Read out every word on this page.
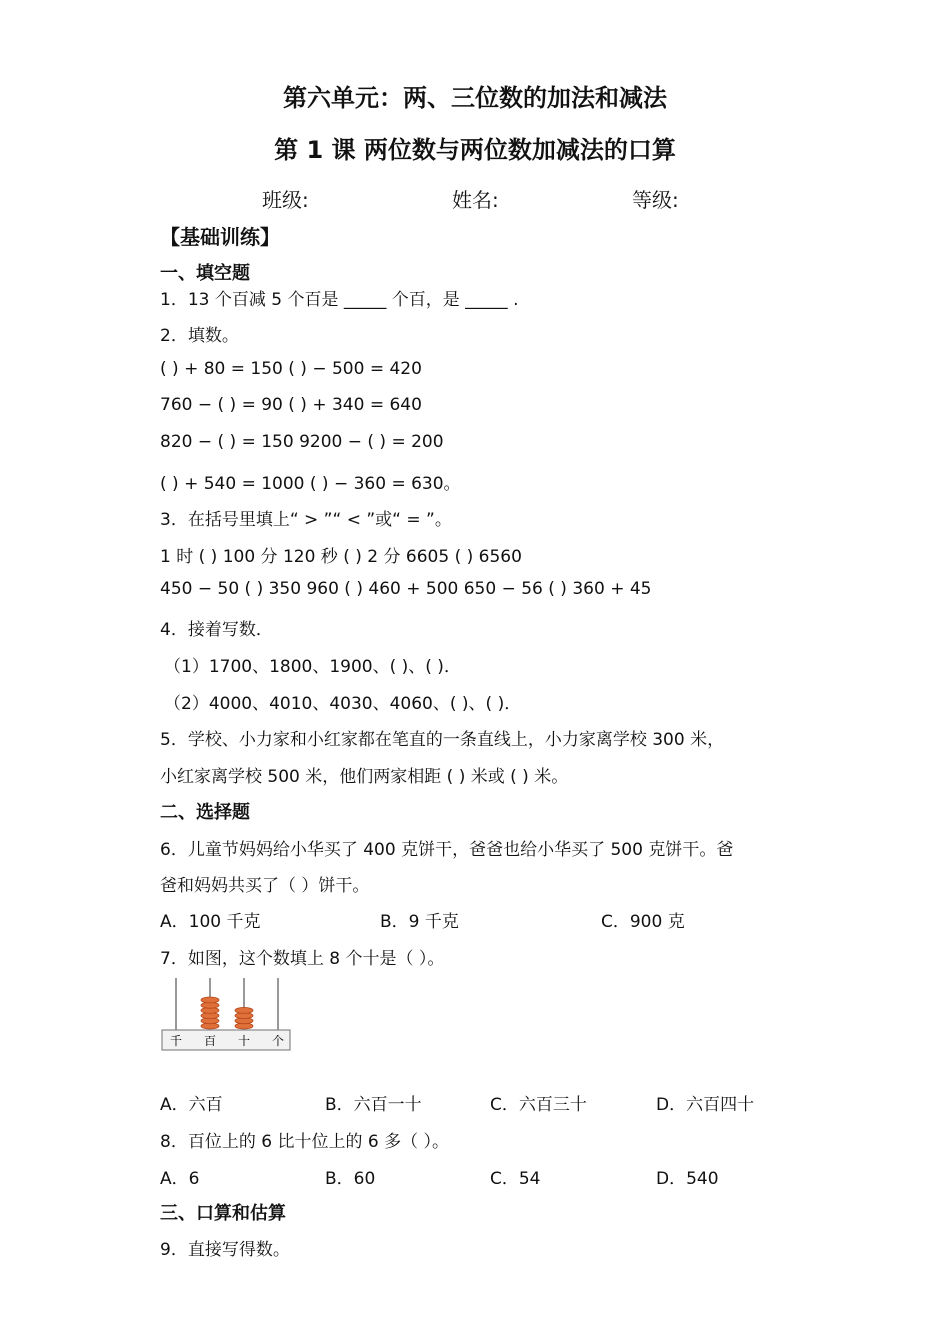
第六单元：两、三位数的加法和减法
第 1 课 两位数与两位数加减法的口算
班级:	姓名:	等级:
【基础训练】
一、填空题
1．13 个百减 5 个百是 _____ 个百，是 _____ .
2．填数。
( ) + 80 = 150 ( ) − 500 = 420
760 − ( ) = 90 ( ) + 340 = 640
820 − ( ) = 150 9200 − ( ) = 200
( ) + 540 = 1000 ( ) − 360 = 630。
3．在括号里填上“ > ”“ < ”或“ = ”。
1 时 ( ) 100 分 120 秒 ( ) 2 分 6605 ( ) 6560
450 − 50 ( ) 350 960 ( ) 460 + 500 650 − 56 ( ) 360 + 45
4．接着写数．
（1）1700、1800、1900、( )、( )．
（2）4000、4010、4030、4060、( )、( )．
5．学校、小力家和小红家都在笔直的一条直线上，小力家离学校 300 米，
小红家离学校 500 米，他们两家相距 ( ) 米或 ( ) 米。
二、选择题
6．儿童节妈妈给小华买了 400 克饼干，爸爸也给小华买了 500 克饼干。爸
爸和妈妈共买了（ ）饼干。
A．100 千克	B．9 千克	C．900 克
7．如图，这个数填上 8 个十是（ ）。
千 百 十 个
A．六百	B．六百一十	C．六百三十	D．六百四十
8．百位上的 6 比十位上的 6 多（ ）。
A．6	B．60	C．54	D．540
三、口算和估算
9．直接写得数。
